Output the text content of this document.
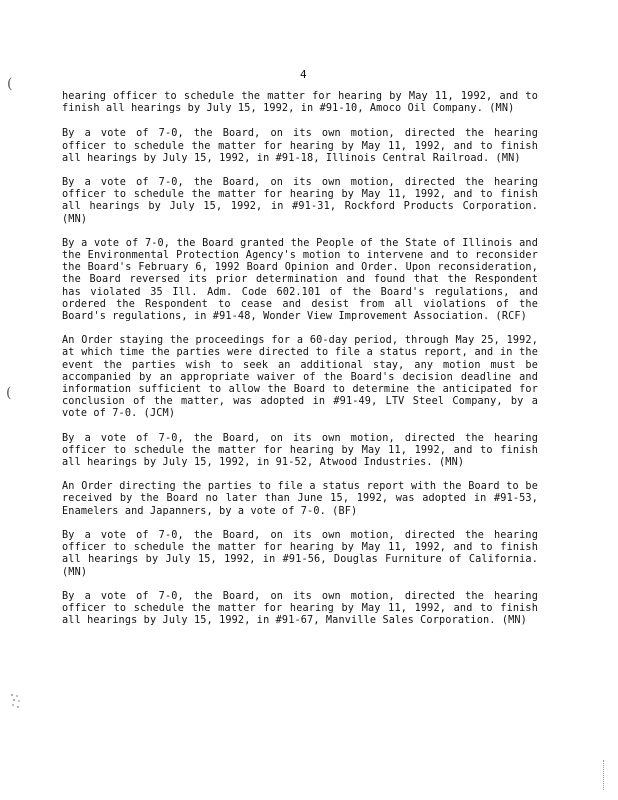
4
(
(

hearing officer to schedule the matter for hearing by May 11, 1992, and to finish all hearings by July 15, 1992, in #91-10, Amoco Oil Company. (MN)

By a vote of 7-0, the Board, on its own motion, directed the hearing officer to schedule the matter for hearing by May 11, 1992, and to finish all hearings by July 15, 1992, in #91-18, Illinois Central Railroad. (MN)

By a vote of 7-0, the Board, on its own motion, directed the hearing officer to schedule the matter for hearing by May 11, 1992, and to finish all hearings by July 15, 1992, in #91-31, Rockford Products Corporation. (MN)

By a vote of 7-0, the Board granted the People of the State of Illinois and the Environmental Protection Agency's motion to intervene and to reconsider the Board's February 6, 1992 Board Opinion and Order. Upon reconsideration, the Board reversed its prior determination and found that the Respondent has violated 35 Ill. Adm. Code 602.101 of the Board's regulations, and ordered the Respondent to cease and desist from all violations of the Board's regulations, in #91-48, Wonder View Improvement Association. (RCF)

An Order staying the proceedings for a 60-day period, through May 25, 1992, at which time the parties were directed to file a status report, and in the event the parties wish to seek an additional stay, any motion must be accompanied by an appropriate waiver of the Board's decision deadline and information sufficient to allow the Board to determine the anticipated for conclusion of the matter, was adopted in #91-49, LTV Steel Company, by a vote of 7-0. (JCM)

By a vote of 7-0, the Board, on its own motion, directed the hearing officer to schedule the matter for hearing by May 11, 1992, and to finish all hearings by July 15, 1992, in 91-52, Atwood Industries. (MN)

An Order directing the parties to file a status report with the Board to be received by the Board no later than June 15, 1992, was adopted in #91-53, Enamelers and Japanners, by a vote of 7-0. (BF)

By a vote of 7-0, the Board, on its own motion, directed the hearing officer to schedule the matter for hearing by May 11, 1992, and to finish all hearings by July 15, 1992, in #91-56, Douglas Furniture of California. (MN)

By a vote of 7-0, the Board, on its own motion, directed the hearing officer to schedule the matter for hearing by May 11, 1992, and to finish all hearings by July 15, 1992, in #91-67, Manville Sales Corporation. (MN)
